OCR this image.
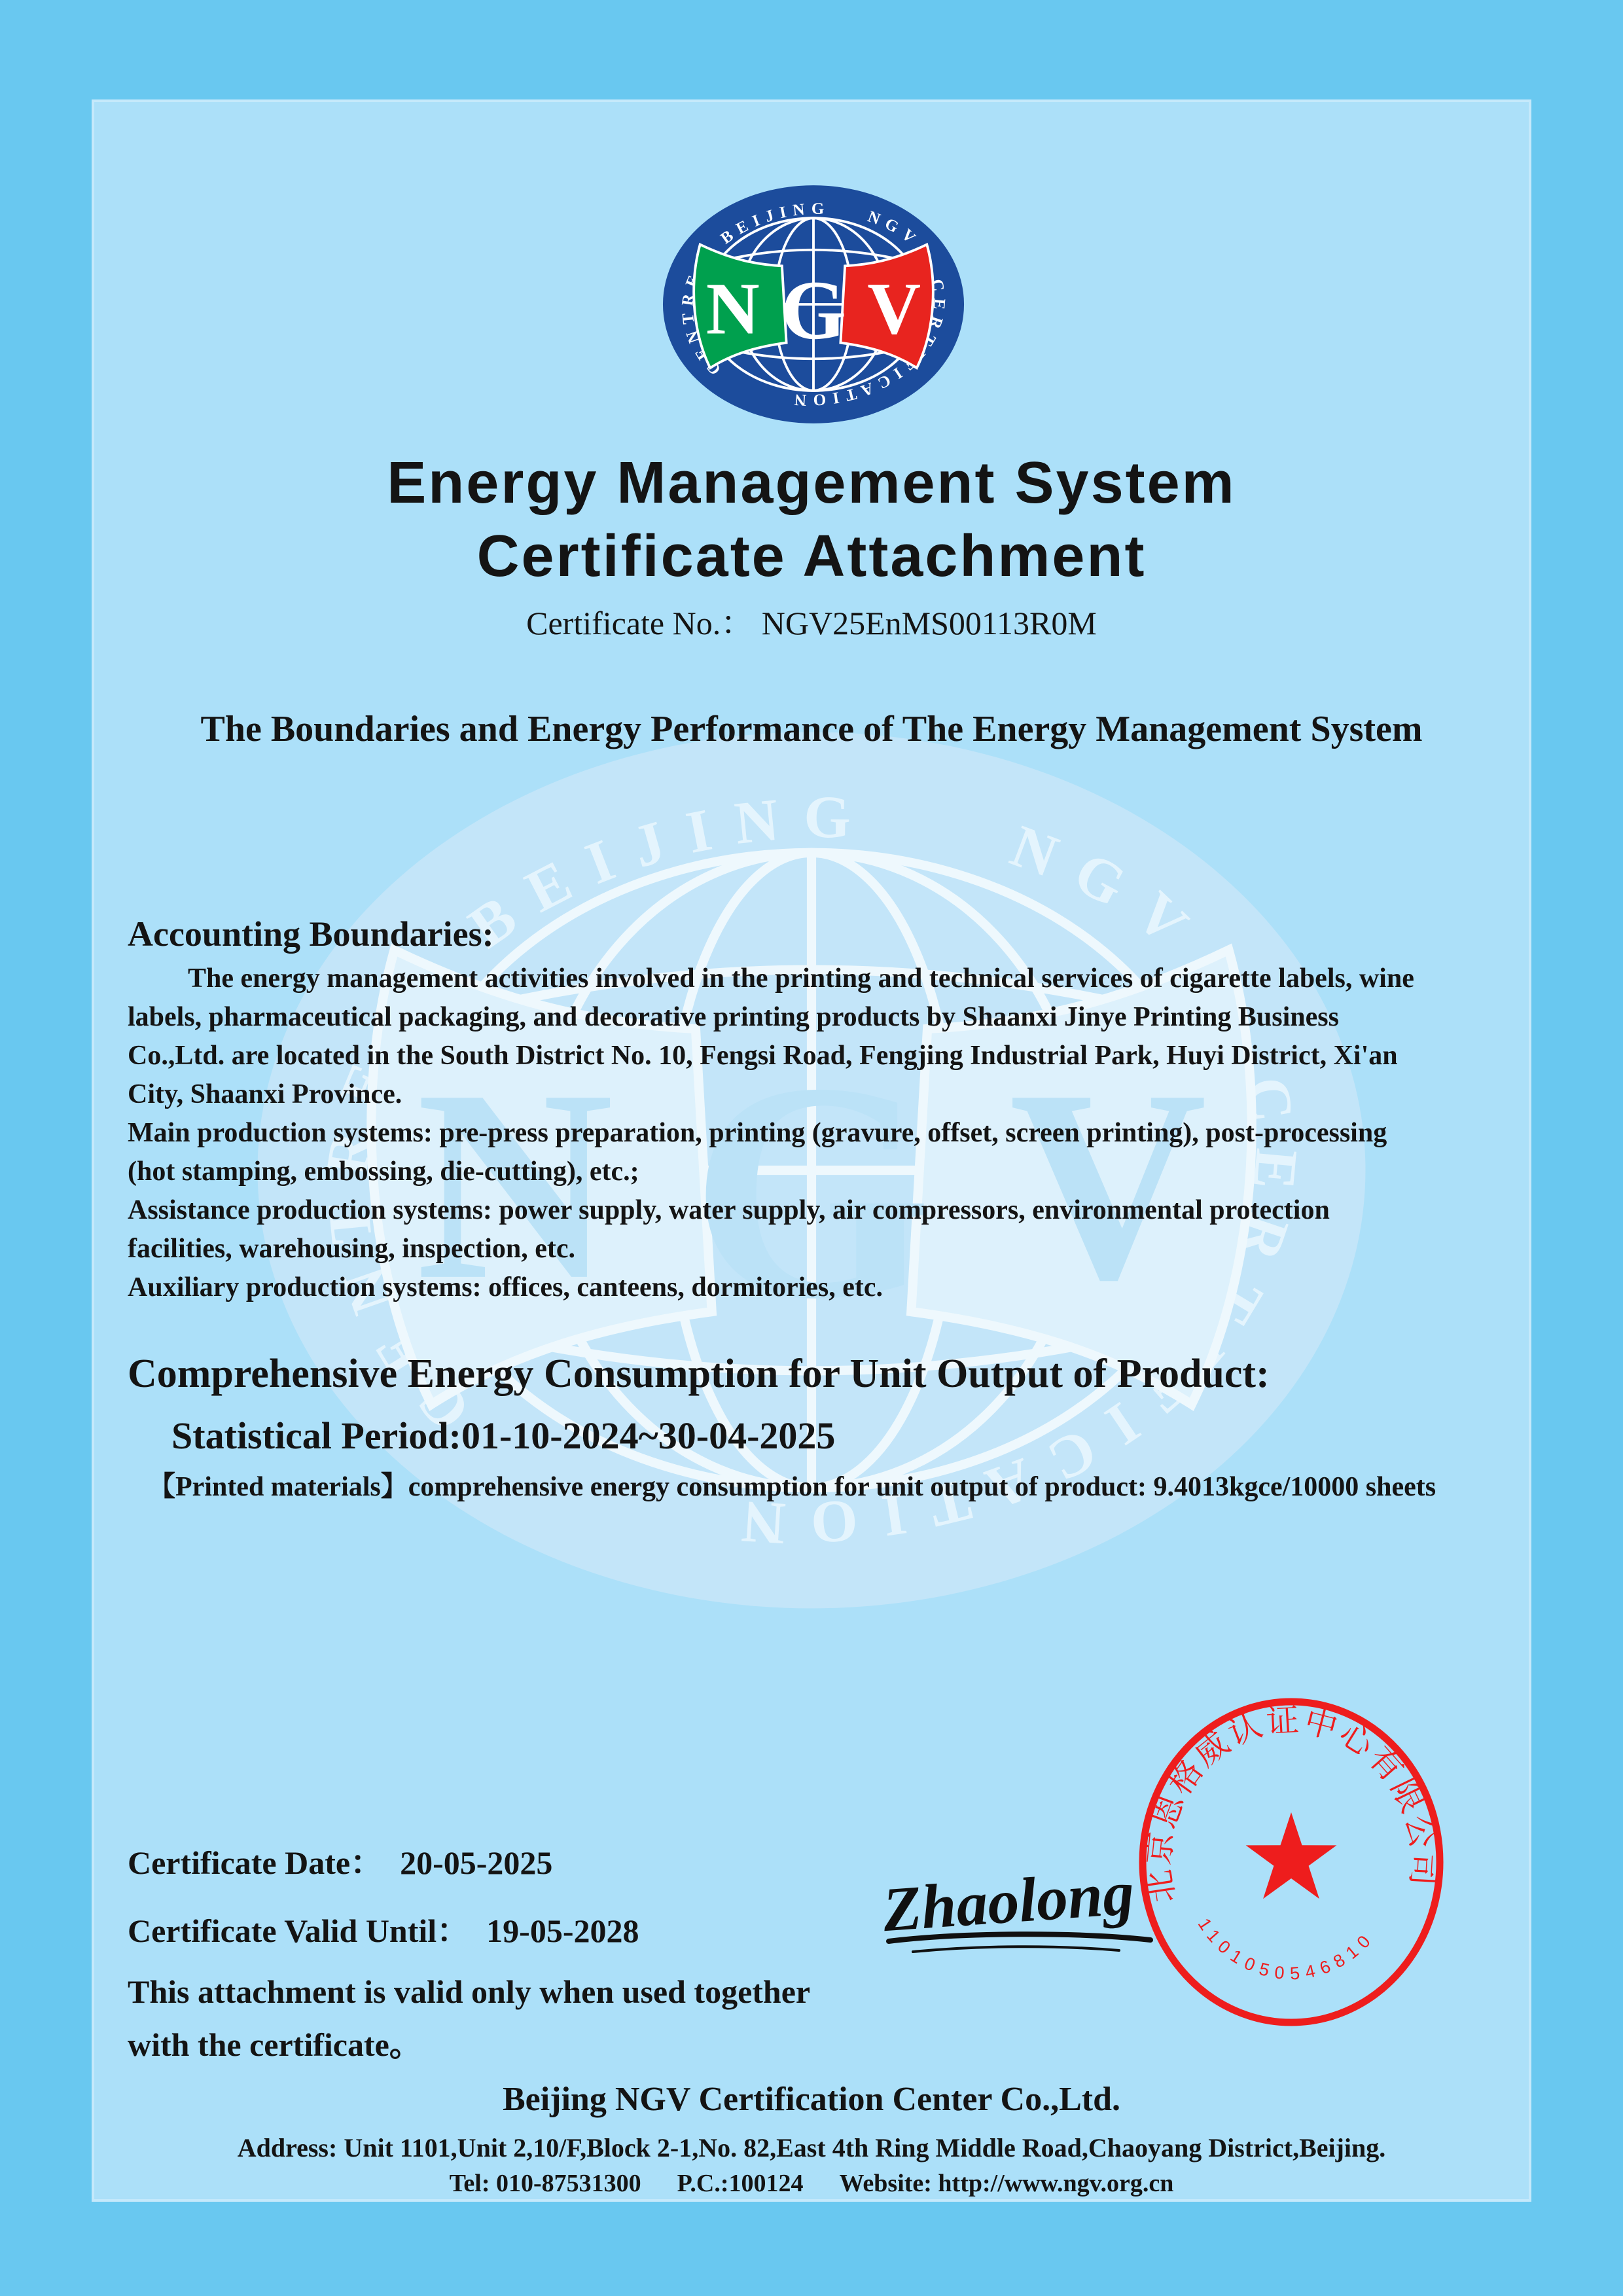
Energy Management System
Certificate Attachment
Certificate No.： NGV25EnMS00113R0M
The Boundaries and Energy Performance of The Energy Management System
Accounting Boundaries:
The energy management activities involved in the printing and technical services of cigarette labels, wine
labels, pharmaceutical packaging, and decorative printing products by Shaanxi Jinye Printing Business
Co.,Ltd. are located in the South District No. 10, Fengsi Road, Fengjing Industrial Park, Huyi District, Xi'an
City, Shaanxi Province.
Main production systems: pre-press preparation, printing (gravure, offset, screen printing), post-processing
(hot stamping, embossing, die-cutting), etc.;
Assistance production systems: power supply, water supply, air compressors, environmental protection
facilities, warehousing, inspection, etc.
Auxiliary production systems: offices, canteens, dormitories, etc.
Comprehensive Energy Consumption for Unit Output of Product:
Statistical Period:01-10-2024~30-04-2025
【Printed materials】comprehensive energy consumption for unit output of product: 9.4013kgce/10000 sheets
Certificate Date： 20-05-2025
Certificate Valid Until： 19-05-2028
This attachment is valid only when used together
with the certificate。
Zhaolong 北京恩格威认证中心有限公司
1101050546810
Beijing NGV Certification Center Co.,Ltd.
Address: Unit 1101,Unit 2,10/F,Block 2-1,No. 82,East 4th Ring Middle Road,Chaoyang District,Beijing.
Tel: 010-87531300 P.C.:100124 Website: http://www.ngv.org.cn
